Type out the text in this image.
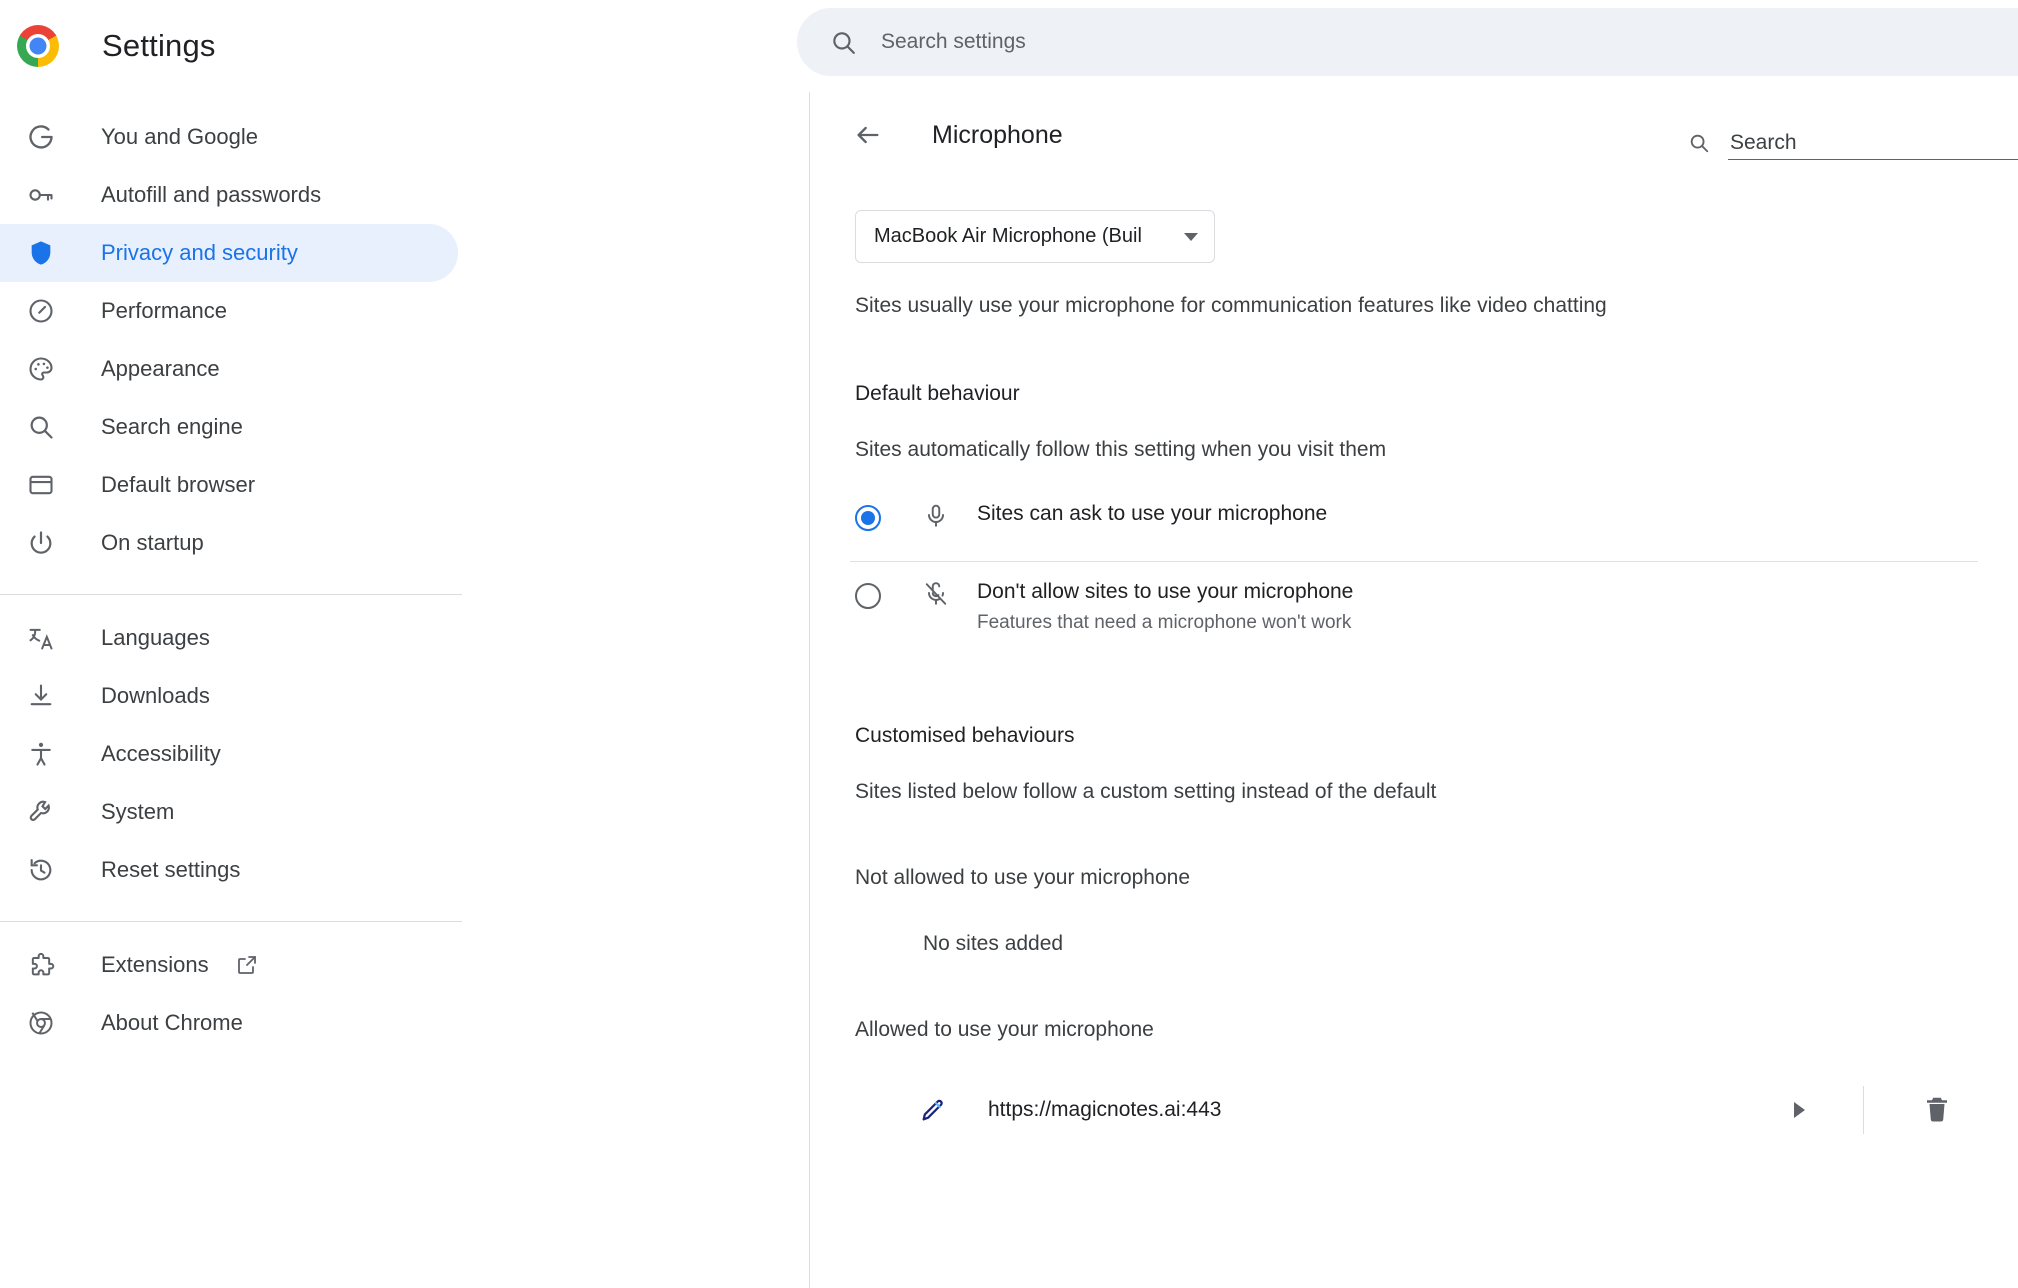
Settings
Search settings
You and Google
Autofill and passwords
Privacy and security
Performance
Appearance
Search engine
Default browser
On startup
Languages
Downloads
Accessibility
System
Reset settings
Extensions
About Chrome
Microphone
Search
MacBook Air Microphone (Buil
Sites usually use your microphone for communication features like video chatting
Default behaviour
Sites automatically follow this setting when you visit them
Sites can ask to use your microphone
Don't allow sites to use your microphone
Features that need a microphone won't work
Customised behaviours
Sites listed below follow a custom setting instead of the default
Not allowed to use your microphone
No sites added
Allowed to use your microphone
https://magicnotes.ai:443
